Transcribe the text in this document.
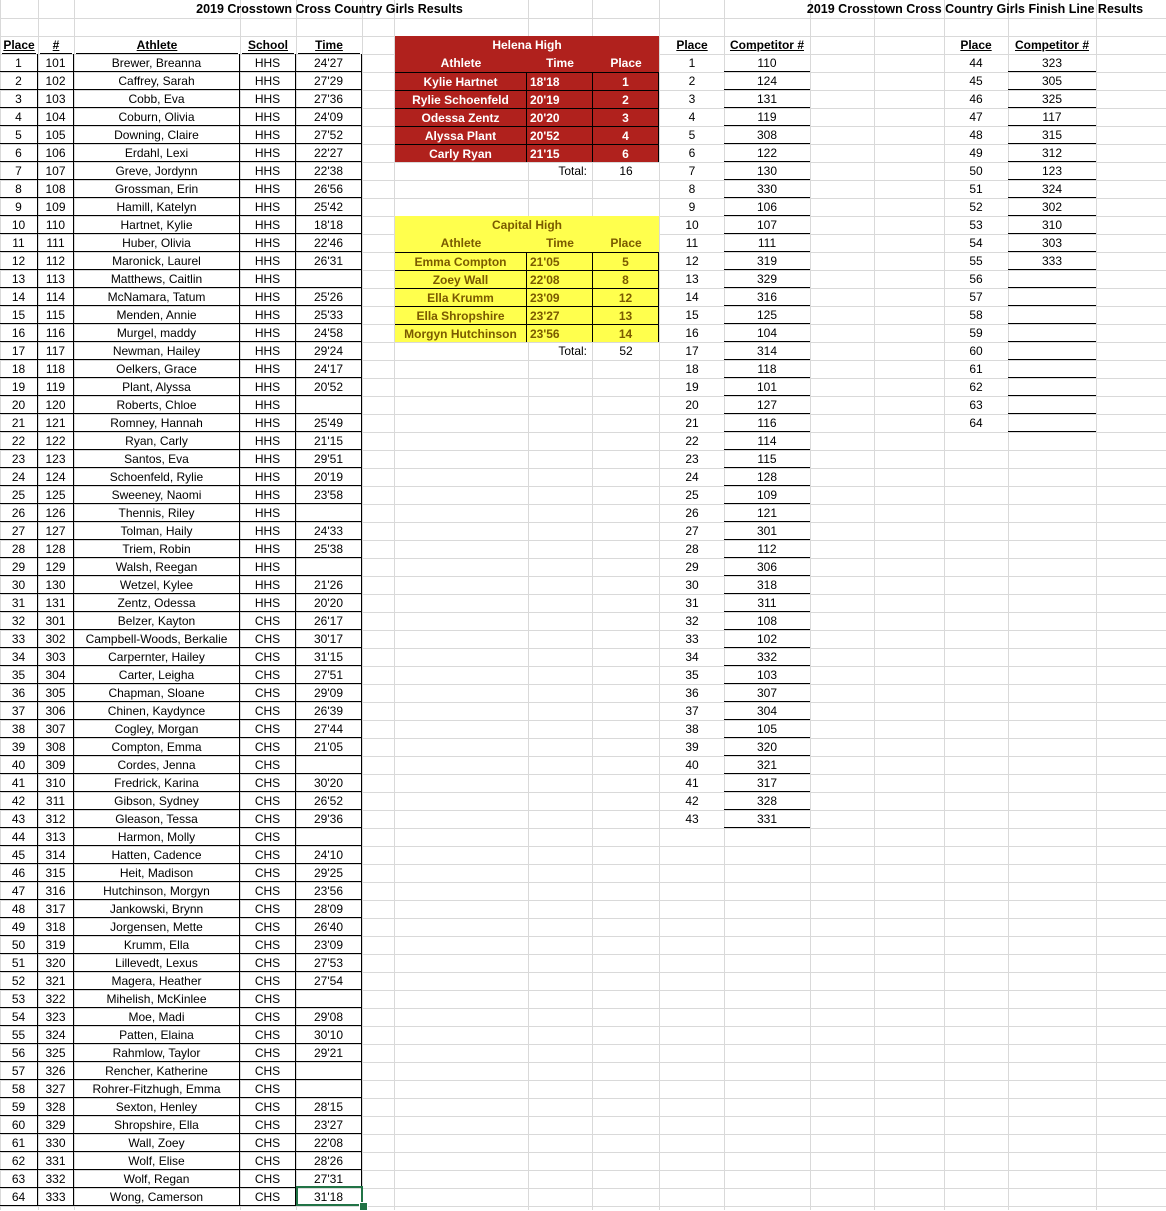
2019 Crosstown Cross Country Girls Results	2019 Crosstown Cross Country Girls Finish Line Results
Place	#	Athlete	School	Time
1	101	Brewer, Breanna	HHS	24'27
2	102	Caffrey, Sarah	HHS	27'29
3	103	Cobb, Eva	HHS	27'36
4	104	Coburn, Olivia	HHS	24'09
5	105	Downing, Claire	HHS	27'52
6	106	Erdahl, Lexi	HHS	22'27
7	107	Greve, Jordynn	HHS	22'38
8	108	Grossman, Erin	HHS	26'56
9	109	Hamill, Katelyn	HHS	25'42
10	110	Hartnet, Kylie	HHS	18'18
11	111	Huber, Olivia	HHS	22'46
12	112	Maronick, Laurel	HHS	26'31
13	113	Matthews, Caitlin	HHS
14	114	McNamara, Tatum	HHS	25'26
15	115	Menden, Annie	HHS	25'33
16	116	Murgel, maddy	HHS	24'58
17	117	Newman, Hailey	HHS	29'24
18	118	Oelkers, Grace	HHS	24'17
19	119	Plant, Alyssa	HHS	20'52
20	120	Roberts, Chloe	HHS
21	121	Romney, Hannah	HHS	25'49
22	122	Ryan, Carly	HHS	21'15
23	123	Santos, Eva	HHS	29'51
24	124	Schoenfeld, Rylie	HHS	20'19
25	125	Sweeney, Naomi	HHS	23'58
26	126	Thennis, Riley	HHS
27	127	Tolman, Haily	HHS	24'33
28	128	Triem, Robin	HHS	25'38
29	129	Walsh, Reegan	HHS
30	130	Wetzel, Kylee	HHS	21'26
31	131	Zentz, Odessa	HHS	20'20
32	301	Belzer, Kayton	CHS	26'17
33	302	Campbell-Woods, Berkalie	CHS	30'17
34	303	Carpernter, Hailey	CHS	31'15
35	304	Carter, Leigha	CHS	27'51
36	305	Chapman, Sloane	CHS	29'09
37	306	Chinen, Kaydynce	CHS	26'39
38	307	Cogley, Morgan	CHS	27'44
39	308	Compton, Emma	CHS	21'05
40	309	Cordes, Jenna	CHS
41	310	Fredrick, Karina	CHS	30'20
42	311	Gibson, Sydney	CHS	26'52
43	312	Gleason, Tessa	CHS	29'36
44	313	Harmon, Molly	CHS
45	314	Hatten, Cadence	CHS	24'10
46	315	Heit, Madison	CHS	29'25
47	316	Hutchinson, Morgyn	CHS	23'56
48	317	Jankowski, Brynn	CHS	28'09
49	318	Jorgensen, Mette	CHS	26'40
50	319	Krumm, Ella	CHS	23'09
51	320	Lillevedt, Lexus	CHS	27'53
52	321	Magera, Heather	CHS	27'54
53	322	Mihelish, McKinlee	CHS
54	323	Moe, Madi	CHS	29'08
55	324	Patten, Elaina	CHS	30'10
56	325	Rahmlow, Taylor	CHS	29'21
57	326	Rencher, Katherine	CHS
58	327	Rohrer-Fitzhugh, Emma	CHS
59	328	Sexton, Henley	CHS	28'15
60	329	Shropshire, Ella	CHS	23'27
61	330	Wall, Zoey	CHS	22'08
62	331	Wolf, Elise	CHS	28'26
63	332	Wolf, Regan	CHS	27'31
64	333	Wong, Camerson	CHS	31'18
Helena High
Athlete	Time	Place
Kylie Hartnet	18'18	1
Rylie Schoenfeld	20'19	2
Odessa Zentz	20'20	3
Alyssa Plant	20'52	4
Carly Ryan	21'15	6
Total:	16
Capital High
Athlete	Time	Place
Emma Compton	21'05	5
Zoey Wall	22'08	8
Ella Krumm	23'09	12
Ella Shropshire	23'27	13
Morgyn Hutchinson	23'56	14
Total:	52
Place	Competitor #
1	110
2	124
3	131
4	119
5	308
6	122
7	130
8	330
9	106
10	107
11	111
12	319
13	329
14	316
15	125
16	104
17	314
18	118
19	101
20	127
21	116
22	114
23	115
24	128
25	109
26	121
27	301
28	112
29	306
30	318
31	311
32	108
33	102
34	332
35	103
36	307
37	304
38	105
39	320
40	321
41	317
42	328
43	331
Place	Competitor #
44	323
45	305
46	325
47	117
48	315
49	312
50	123
51	324
52	302
53	310
54	303
55	333
56
57
58
59
60
61
62
63
64
